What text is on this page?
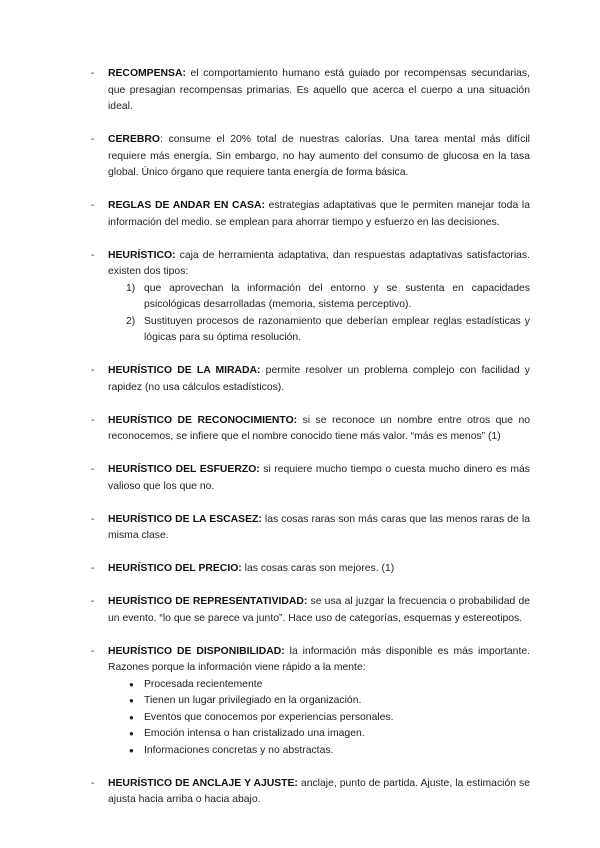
- RECOMPENSA: el comportamiento humano está guiado por recompensas secundarias, que presagian recompensas primarias. Es aquello que acerca el cuerpo a una situación ideal.

- CEREBRO: consume el 20% total de nuestras calorías. Una tarea mental más difícil requiere más energía. Sin embargo, no hay aumento del consumo de glucosa en la tasa global. Único órgano que requiere tanta energía de forma básica.

- REGLAS DE ANDAR EN CASA: estrategias adaptativas que le permiten manejar toda la información del medio. se emplean para ahorrar tiempo y esfuerzo en las decisiones.

- HEURÍSTICO: caja de herramienta adaptativa, dan respuestas adaptativas satisfactorias. existen dos tipos:

1) que aprovechan la información del entorno y se sustenta en capacidades psicológicas desarrolladas (memoria, sistema perceptivo).
2) Sustituyen procesos de razonamiento que deberían emplear reglas estadísticas y lógicas para su óptima resolución.
- HEURÍSTICO DE LA MIRADA: permite resolver un problema complejo con facilidad y rapidez (no usa cálculos estadísticos).

- HEURÍSTICO DE RECONOCIMIENTO: si se reconoce un nombre entre otros que no reconocemos, se infiere que el nombre conocido tiene más valor. “más es menos” (1)

- HEURÍSTICO DEL ESFUERZO: si requiere mucho tiempo o cuesta mucho dinero es más valioso que los que no.

- HEURÍSTICO DE LA ESCASEZ: las cosas raras son más caras que las menos raras de la misma clase.

- HEURÍSTICO DEL PRECIO: las cosas caras son mejores. (1)

- HEURÍSTICO DE REPRESENTATIVIDAD: se usa al juzgar la frecuencia o probabilidad de un evento. “lo que se parece va junto”. Hace uso de categorías, esquemas y estereotipos.

- HEURÍSTICO DE DISPONIBILIDAD: la información más disponible es más importante. Razones porque la información viene rápido a la mente:

● Procesada recientemente
● Tienen un lugar privilegiado en la organización.
● Eventos que conocemos por experiencias personales.
● Emoción intensa o han cristalizado una imagen.
● Informaciones concretas y no abstractas.
- HEURÍSTICO DE ANCLAJE Y AJUSTE: anclaje, punto de partida. Ajuste, la estimación se ajusta hacia arriba o hacia abajo.
